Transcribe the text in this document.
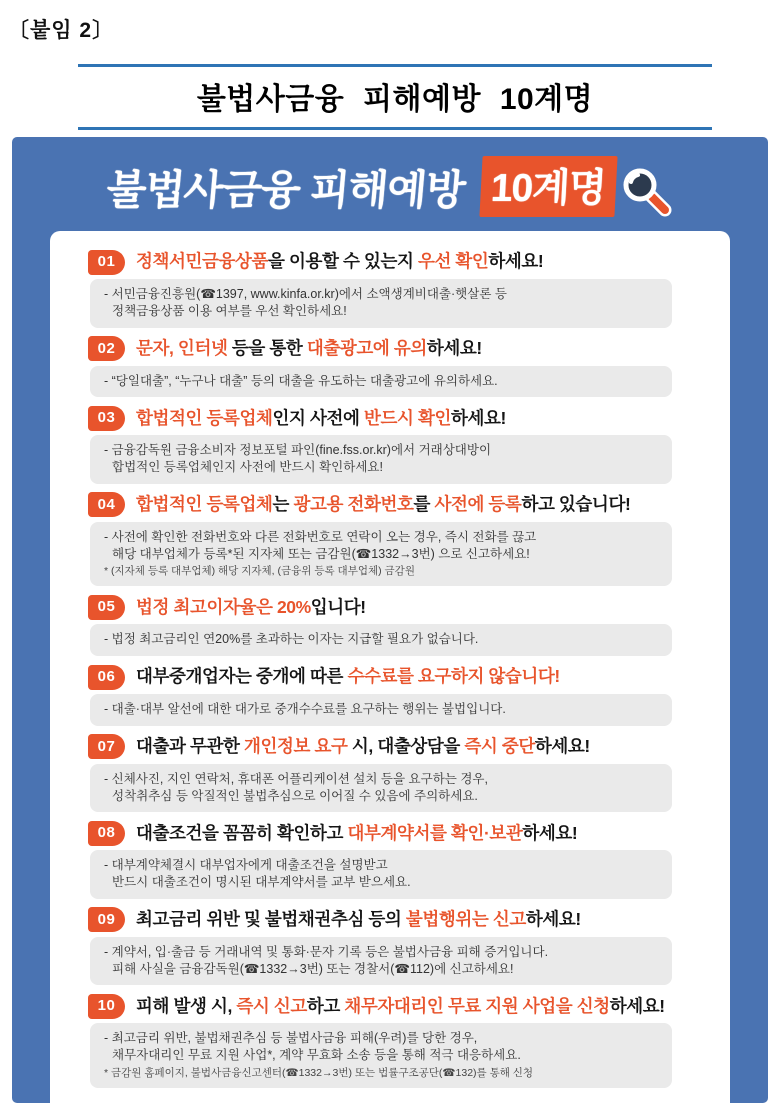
〔붙임 2〕
불법사금융 피해예방 10계명
불법사금융 피해예방 10계명
01	정책서민금융상품을 이용할 수 있는지 우선 확인하세요!
- 서민금융진흥원(☎1397, www.kinfa.or.kr)에서 소액생계비대출·햇살론 등
정책금융상품 이용 여부를 우선 확인하세요!
02	문자, 인터넷 등을 통한 대출광고에 유의하세요!
- “당일대출”, “누구나 대출” 등의 대출을 유도하는 대출광고에 유의하세요.
03	합법적인 등록업체인지 사전에 반드시 확인하세요!
- 금융감독원 금융소비자 정보포털 파인(fine.fss.or.kr)에서 거래상대방이
합법적인 등록업체인지 사전에 반드시 확인하세요!
04	합법적인 등록업체는 광고용 전화번호를 사전에 등록하고 있습니다!
- 사전에 확인한 전화번호와 다른 전화번호로 연락이 오는 경우, 즉시 전화를 끊고
해당 대부업체가 등록*된 지자체 또는 금감원(☎1332→3번) 으로 신고하세요!
* (지자체 등록 대부업체) 해당 지자체, (금융위 등록 대부업체) 금감원
05	법정 최고이자율은 20%입니다!
- 법정 최고금리인 연20%를 초과하는 이자는 지급할 필요가 없습니다.
06	대부중개업자는 중개에 따른 수수료를 요구하지 않습니다!
- 대출·대부 알선에 대한 대가로 중개수수료를 요구하는 행위는 불법입니다.
07	대출과 무관한 개인정보 요구 시, 대출상담을 즉시 중단하세요!
- 신체사진, 지인 연락처, 휴대폰 어플리케이션 설치 등을 요구하는 경우,
성착취추심 등 악질적인 불법추심으로 이어질 수 있음에 주의하세요.
08	대출조건을 꼼꼼히 확인하고 대부계약서를 확인·보관하세요!
- 대부계약체결시 대부업자에게 대출조건을 설명받고
반드시 대출조건이 명시된 대부계약서를 교부 받으세요.
09	최고금리 위반 및 불법채권추심 등의 불법행위는 신고하세요!
- 계약서, 입·출금 등 거래내역 및 통화·문자 기록 등은 불법사금융 피해 증거입니다.
피해 사실을 금융감독원(☎1332→3번) 또는 경찰서(☎112)에 신고하세요!
10	피해 발생 시, 즉시 신고하고 채무자대리인 무료 지원 사업을 신청하세요!
- 최고금리 위반, 불법채권추심 등 불법사금융 피해(우려)를 당한 경우,
채무자대리인 무료 지원 사업*, 계약 무효화 소송 등을 통해 적극 대응하세요.
* 금감원 홈페이지, 불법사금융신고센터(☎1332→3번) 또는 법률구조공단(☎132)를 통해 신청
